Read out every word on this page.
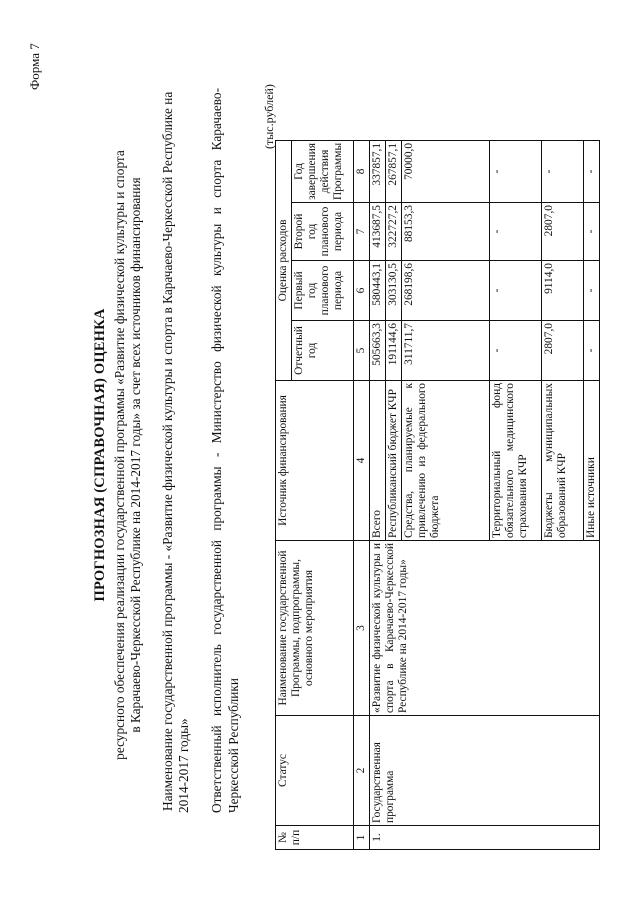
Форма 7
ПРОГНОЗНАЯ (СПРАВОЧНАЯ) ОЦЕНКА ресурсного обеспечения реализации государственной программы «Развитие физической культуры и спорта в Карачаево-Черкесской Республике на 2014-2017 годы» за счет всех источников финансирования Наименование государственной программы - «Развитие физической культуры и спорта в Карачаево-Черкесской Республике на 2014-2017 годы» Ответственный исполнитель государственной программы - Министерство физической культуры и спорта Карачаево-Черкесской Республики
(тыс.рублей)
№ п/п	Статус	Наименование государственной Программы, подпрограммы, основного мероприятия	Источник финансирования	Оценка расходов			
				Отчетный год	Первый год планового периода	Второй год планового периода	Год завершения действия Программы
1	2	3	4	5	6	7	8
1.	Государственная программа	«Развитие физической культуры и спорта в Карачаево-Черкесской Республике на 2014-2017 годы»	Всего	505663,3	580443,1	413687,5	337857,1
			Республиканский бюджет КЧР	191144,6	303130,5	322727,2	267857,1
			Средства, планируемые к привлечению из федерального бюджета	311711,7	268198,6	88153,3	70000,0
			Территориальный фонд обязательного медицинского страхования КЧР	-	-	-	-
			Бюджеты муниципальных образований КЧР	2807,0	9114,0	2807,0	-
			Иные источники	-	-	-	-
